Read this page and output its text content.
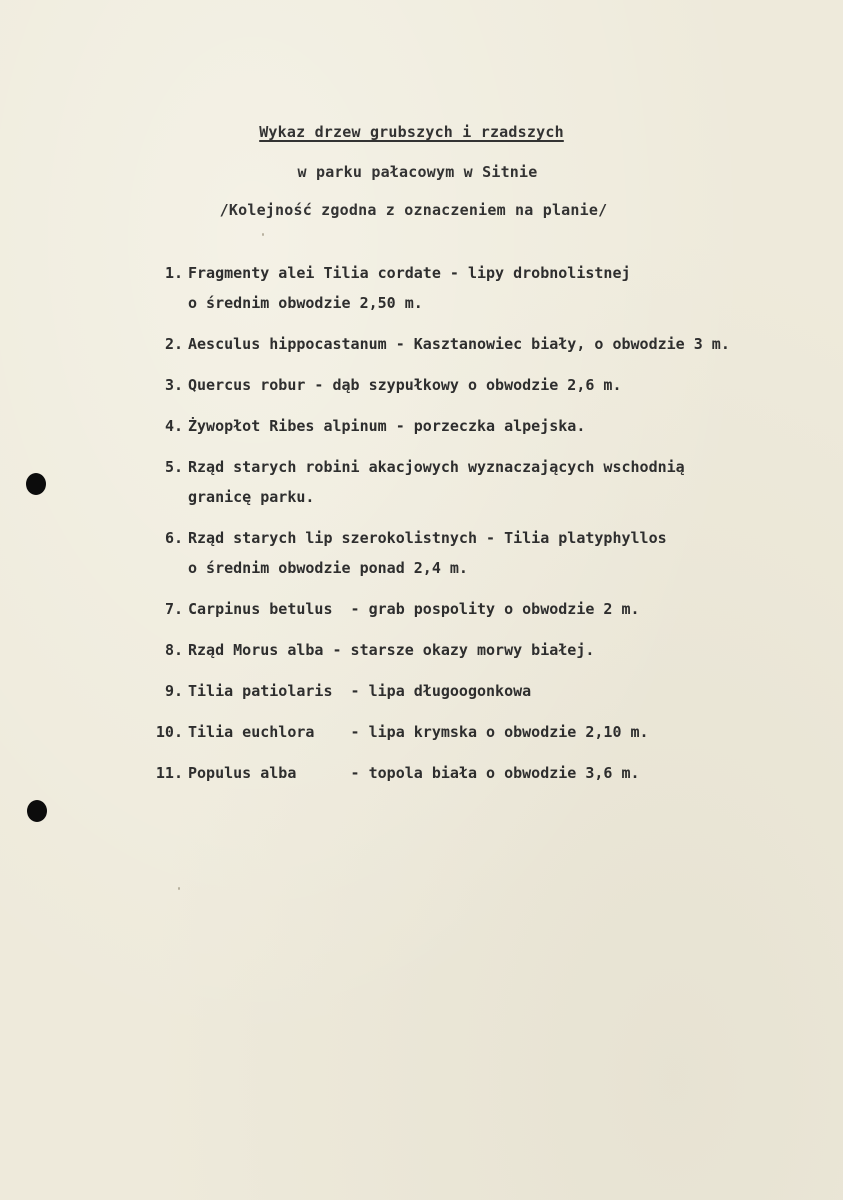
Wykaz drzew grubszych i rzadszych
w parku pałacowym w Sitnie
/Kolejność zgodna z oznaczeniem na planie/
1. Fragmenty alei Tilia cordate - lipy drobnolistnej
o średnim obwodzie 2,50 m.
2. Aesculus hippocastanum - Kasztanowiec biały, o obwodzie 3 m.
3. Quercus robur - dąb szypułkowy o obwodzie 2,6 m.
4. Żywopłot Ribes alpinum - porzeczka alpejska.
5. Rząd starych robini akacjowych wyznaczających wschodnią
granicę parku.
6. Rząd starych lip szerokolistnych - Tilia platyphyllos
o średnim obwodzie ponad 2,4 m.
7. Carpinus betulus  - grab pospolity o obwodzie 2 m.
8. Rząd Morus alba - starsze okazy morwy białej.
9. Tilia patiolaris  - lipa długoogonkowa
10. Tilia euchlora    - lipa krymska o obwodzie 2,10 m.
11. Populus alba      - topola biała o obwodzie 3,6 m.
